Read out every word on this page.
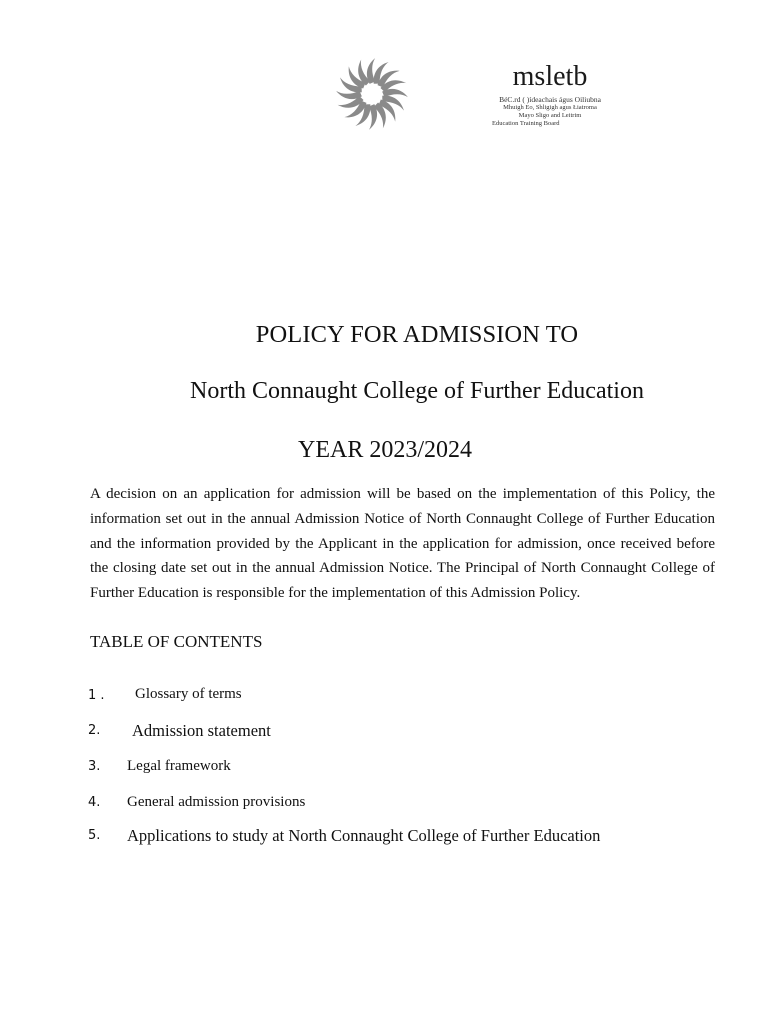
msletb
BéC.rd ( )ídeachais águs Oiliubna
Mhuigh Eo, Shligigh agus Łiatroma
Mayo Sligo and Leitrim
Education Training Board
POLICY FOR ADMISSION TO
North Connaught College of Further Education
YEAR 2023/2024
A decision on an application for admission will be based on the implementation of this Policy, the information set out in the annual Admission Notice of North Connaught College of Further Education and the information provided by the Applicant in the application for admission, once received before the closing date set out in the annual Admission Notice. The Principal of North Connaught College of Further Education is responsible for the implementation of this Admission Policy.
TABLE OF CONTENTS
1 . Glossary of terms
2. Admission statement
3. Legal framework
4. General admission provisions
5. Applications to study at North Connaught College of Further Education
